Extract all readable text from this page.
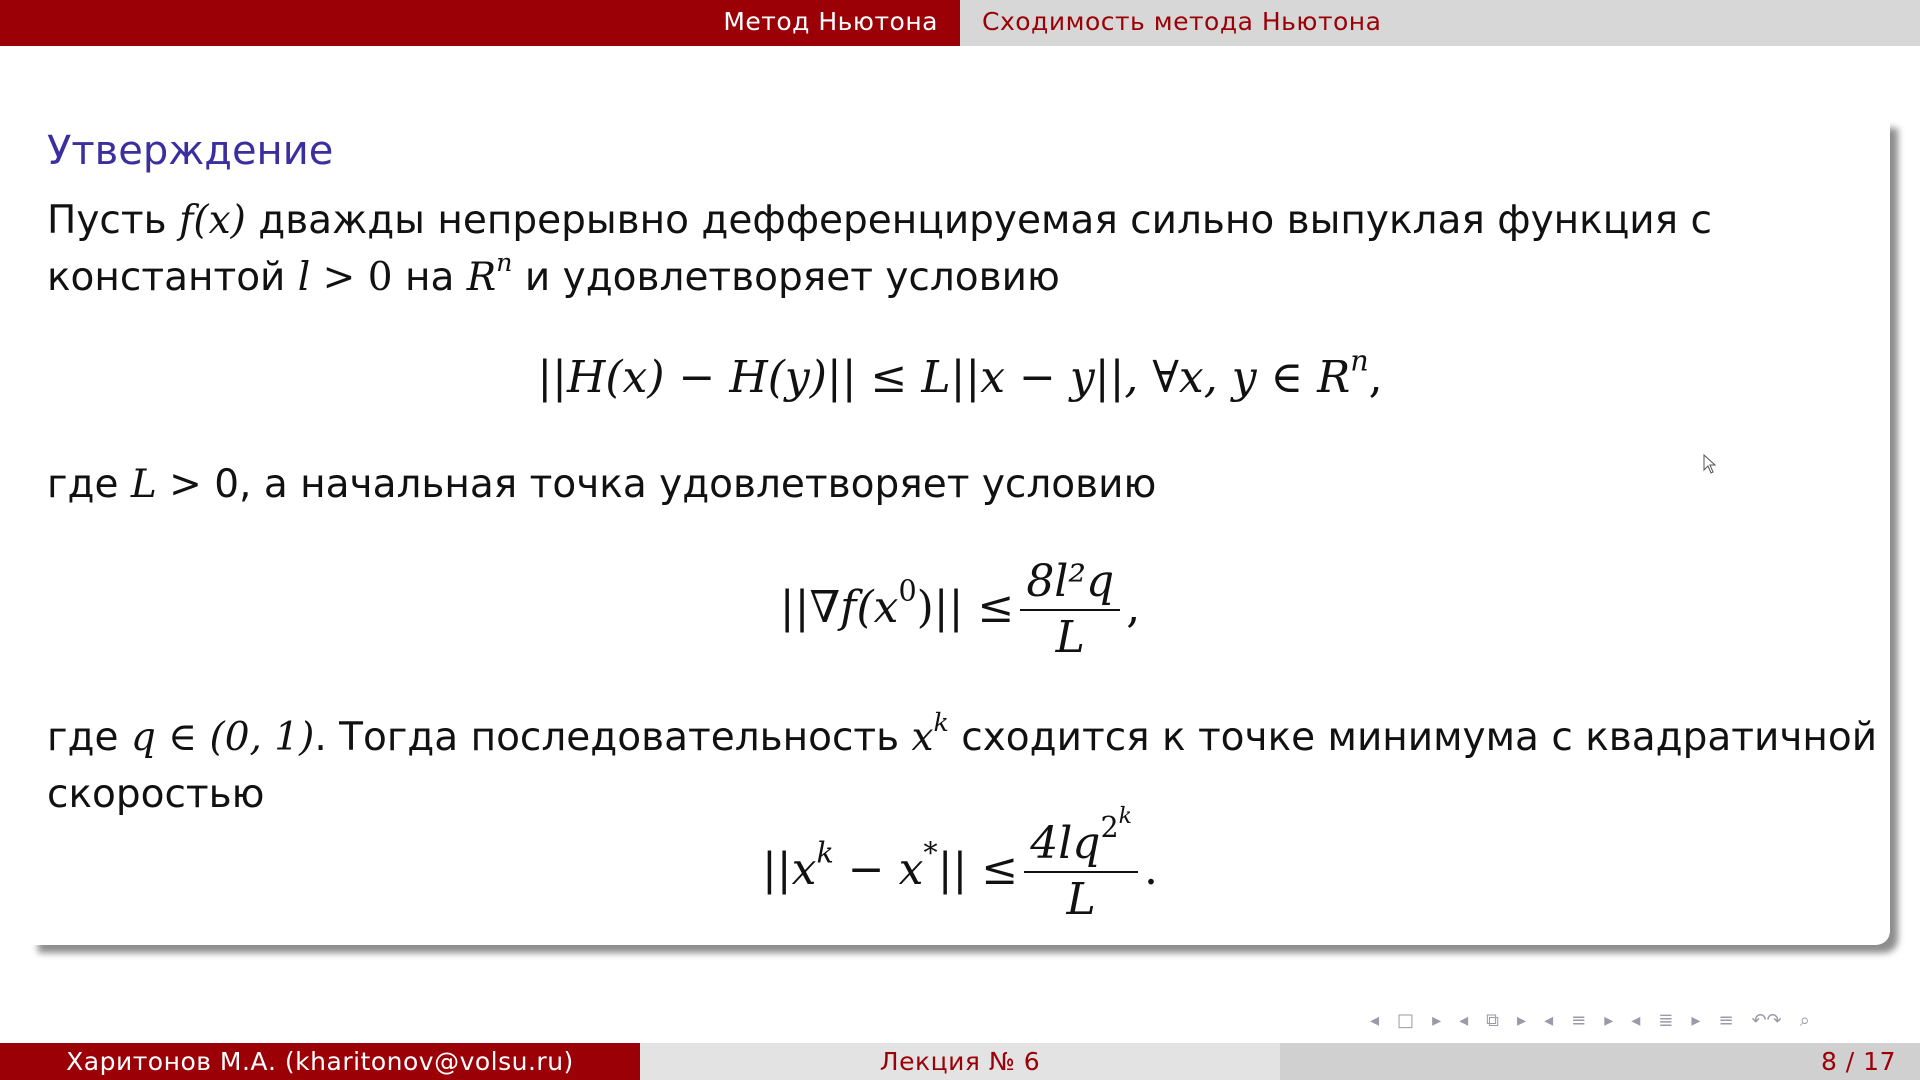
Метод Ньютона Сходимость метода Ньютона
Утверждение

Пусть f(x) дважды непрерывно дефференцируемая сильно выпуклая функция с

константой l > 0 на $R^n$ и удовлетворяет условию

||H(x) − H(y)|| ≤ L||x − y||, ∀x, y ∈ $R^n$,

где L > 0, а начальная точка удовлетворяет условию

$||\nabla f(x^0)|| \le \frac{\text{8l²q}}{L}$ ,

где q ∈ (0, 1). Тогда последовательность $x^k$ сходится к точке минимума с квадратичной

скоростью

$||x^k - x^*|| \le \frac{4lq^{2k}}{L}$ .
◂ □ ▸ ◂ ⧉ ▸ ◂ ≡ ▸ ◂ ≣ ▸ ≡ ↶↷ ⌕
Харитонов М.А. (kharitonov@volsu.ru)	Лекция № 6	8 / 17
